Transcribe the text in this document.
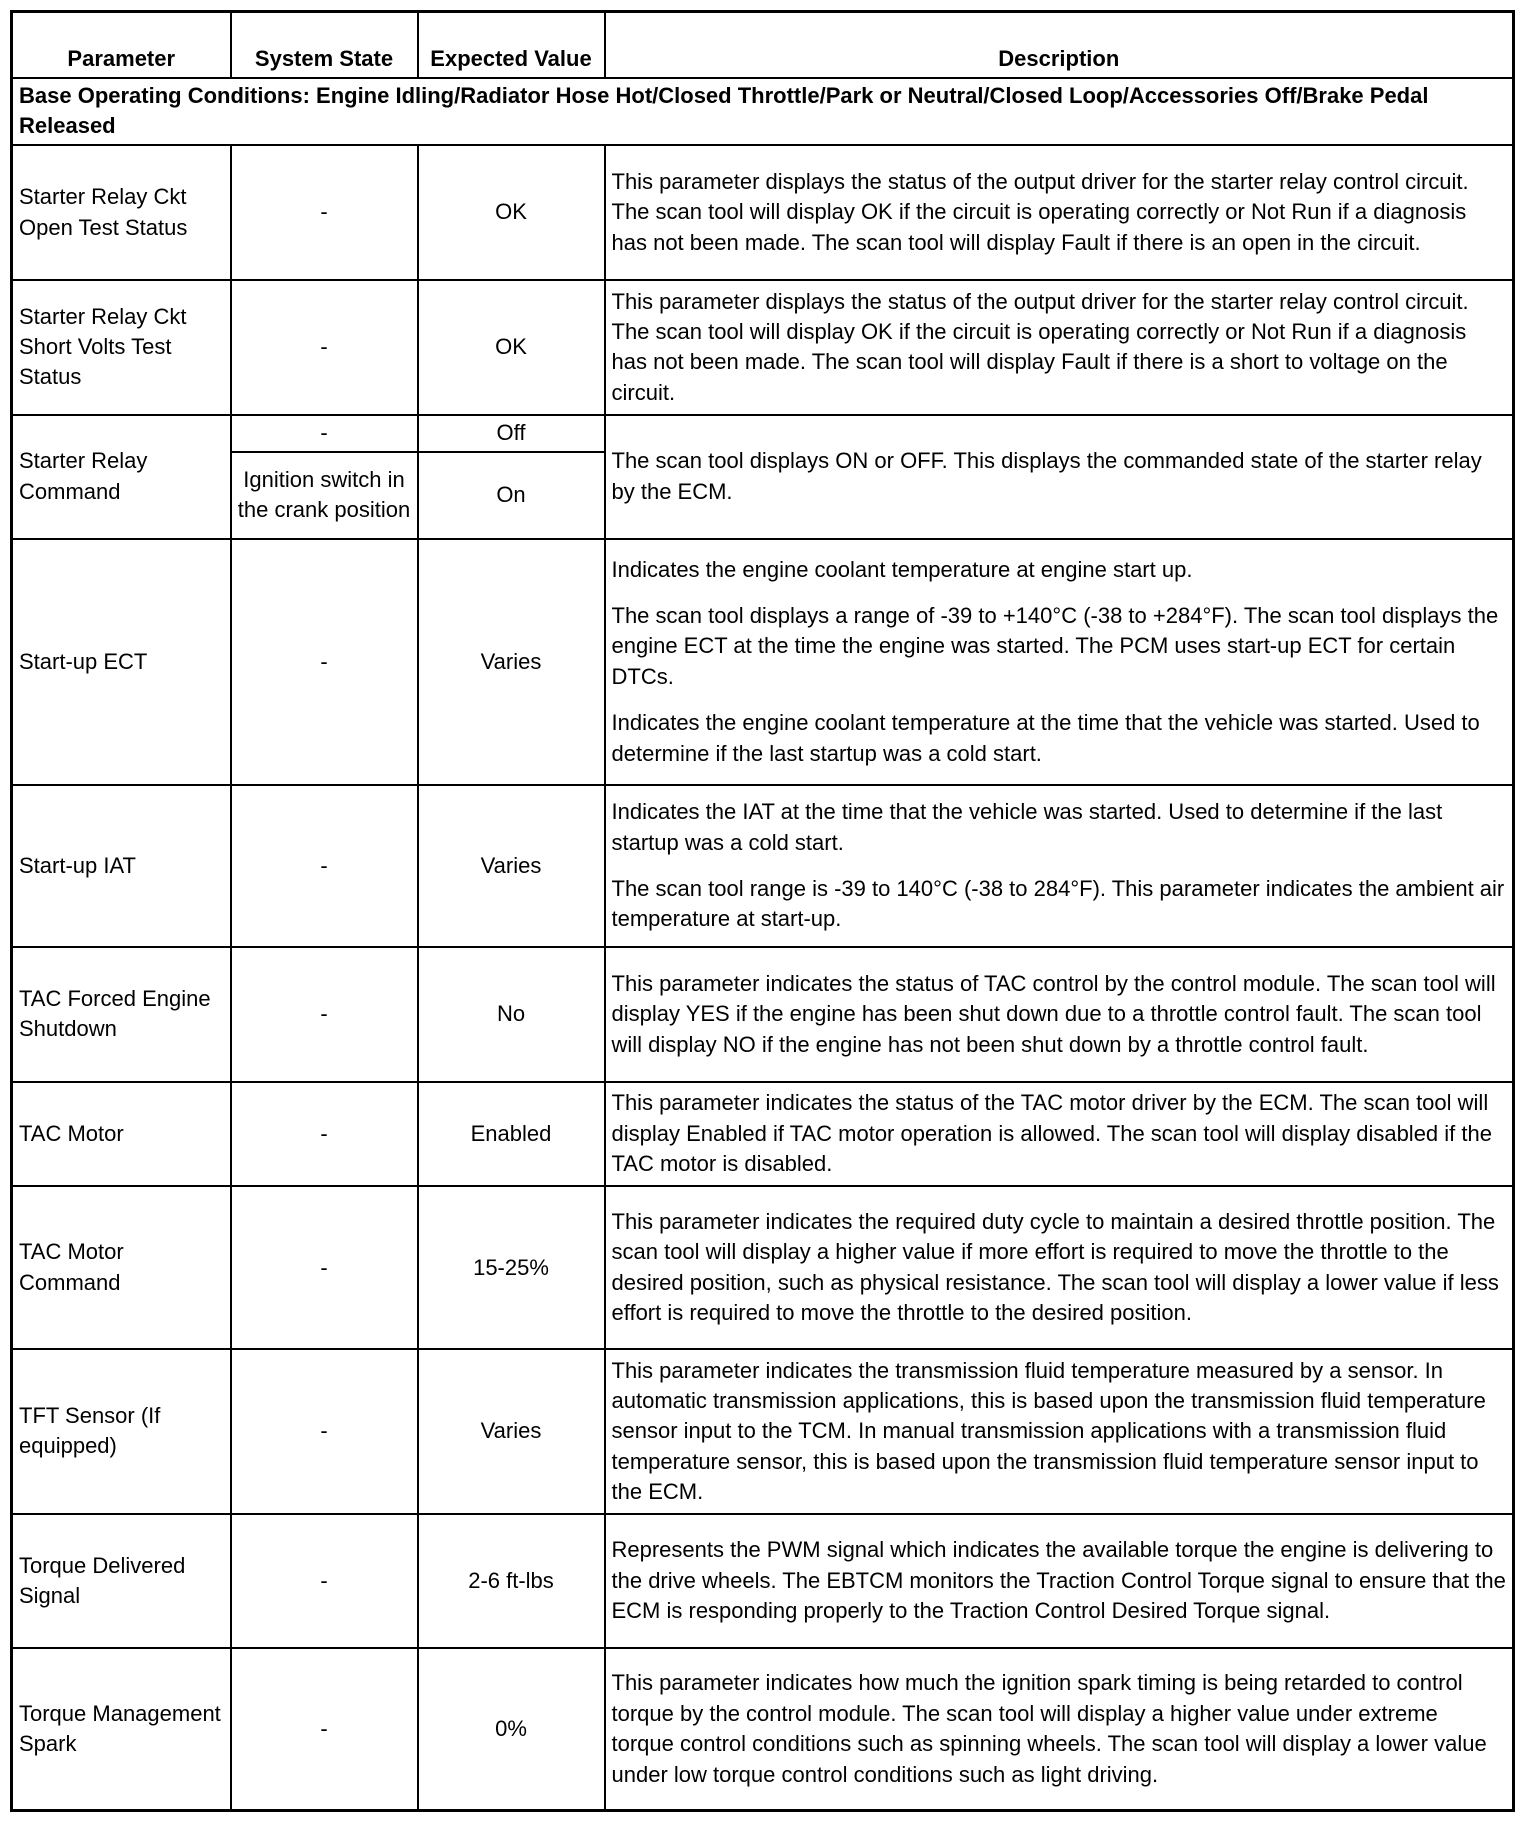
Parameter	System State	Expected Value	Description
Base Operating Conditions: Engine Idling/Radiator Hose Hot/Closed Throttle/Park or Neutral/Closed Loop/Accessories Off/Brake Pedal Released			
Starter Relay Ckt Open Test Status	-	OK	This parameter displays the status of the output driver for the starter relay control circuit. The scan tool will display OK if the circuit is operating correctly or Not Run if a diagnosis has not been made. The scan tool will display Fault if there is an open in the circuit.

Starter Relay Ckt Short Volts Test Status	-	OK	This parameter displays the status of the output driver for the starter relay control circuit. The scan tool will display OK if the circuit is operating correctly or Not Run if a diagnosis has not been made. The scan tool will display Fault if there is a short to voltage on the circuit.

Starter Relay Command	-	Off	The scan tool displays ON or OFF. This displays the commanded state of the starter relay by the ECM.

	Ignition switch in the crank position	On	
Start-up ECT	-	Varies	Indicates the engine coolant temperature at engine start up.

The scan tool displays a range of -39 to +140°C (-38 to +284°F). The scan tool displays the engine ECT at the time the engine was started. The PCM uses start-up ECT for certain DTCs.

Indicates the engine coolant temperature at the time that the vehicle was started. Used to determine if the last startup was a cold start.

Start-up IAT	-	Varies	Indicates the IAT at the time that the vehicle was started. Used to determine if the last startup was a cold start.

The scan tool range is -39 to 140°C (-38 to 284°F). This parameter indicates the ambient air temperature at start-up.

TAC Forced Engine Shutdown	-	No	This parameter indicates the status of TAC control by the control module. The scan tool will display YES if the engine has been shut down due to a throttle control fault. The scan tool will display NO if the engine has not been shut down by a throttle control fault.

TAC Motor	-	Enabled	This parameter indicates the status of the TAC motor driver by the ECM. The scan tool will display Enabled if TAC motor operation is allowed. The scan tool will display disabled if the TAC motor is disabled.

TAC Motor Command	-	15-25%	This parameter indicates the required duty cycle to maintain a desired throttle position. The scan tool will display a higher value if more effort is required to move the throttle to the desired position, such as physical resistance. The scan tool will display a lower value if less effort is required to move the throttle to the desired position.

TFT Sensor (If equipped)	-	Varies	This parameter indicates the transmission fluid temperature measured by a sensor. In automatic transmission applications, this is based upon the transmission fluid temperature sensor input to the TCM. In manual transmission applications with a transmission fluid temperature sensor, this is based upon the transmission fluid temperature sensor input to the ECM.

Torque Delivered Signal	-	2-6 ft-lbs	Represents the PWM signal which indicates the available torque the engine is delivering to the drive wheels. The EBTCM monitors the Traction Control Torque signal to ensure that the ECM is responding properly to the Traction Control Desired Torque signal.

Torque Management Spark	-	0%	This parameter indicates how much the ignition spark timing is being retarded to control torque by the control module. The scan tool will display a higher value under extreme torque control conditions such as spinning wheels. The scan tool will display a lower value under low torque control conditions such as light driving.
